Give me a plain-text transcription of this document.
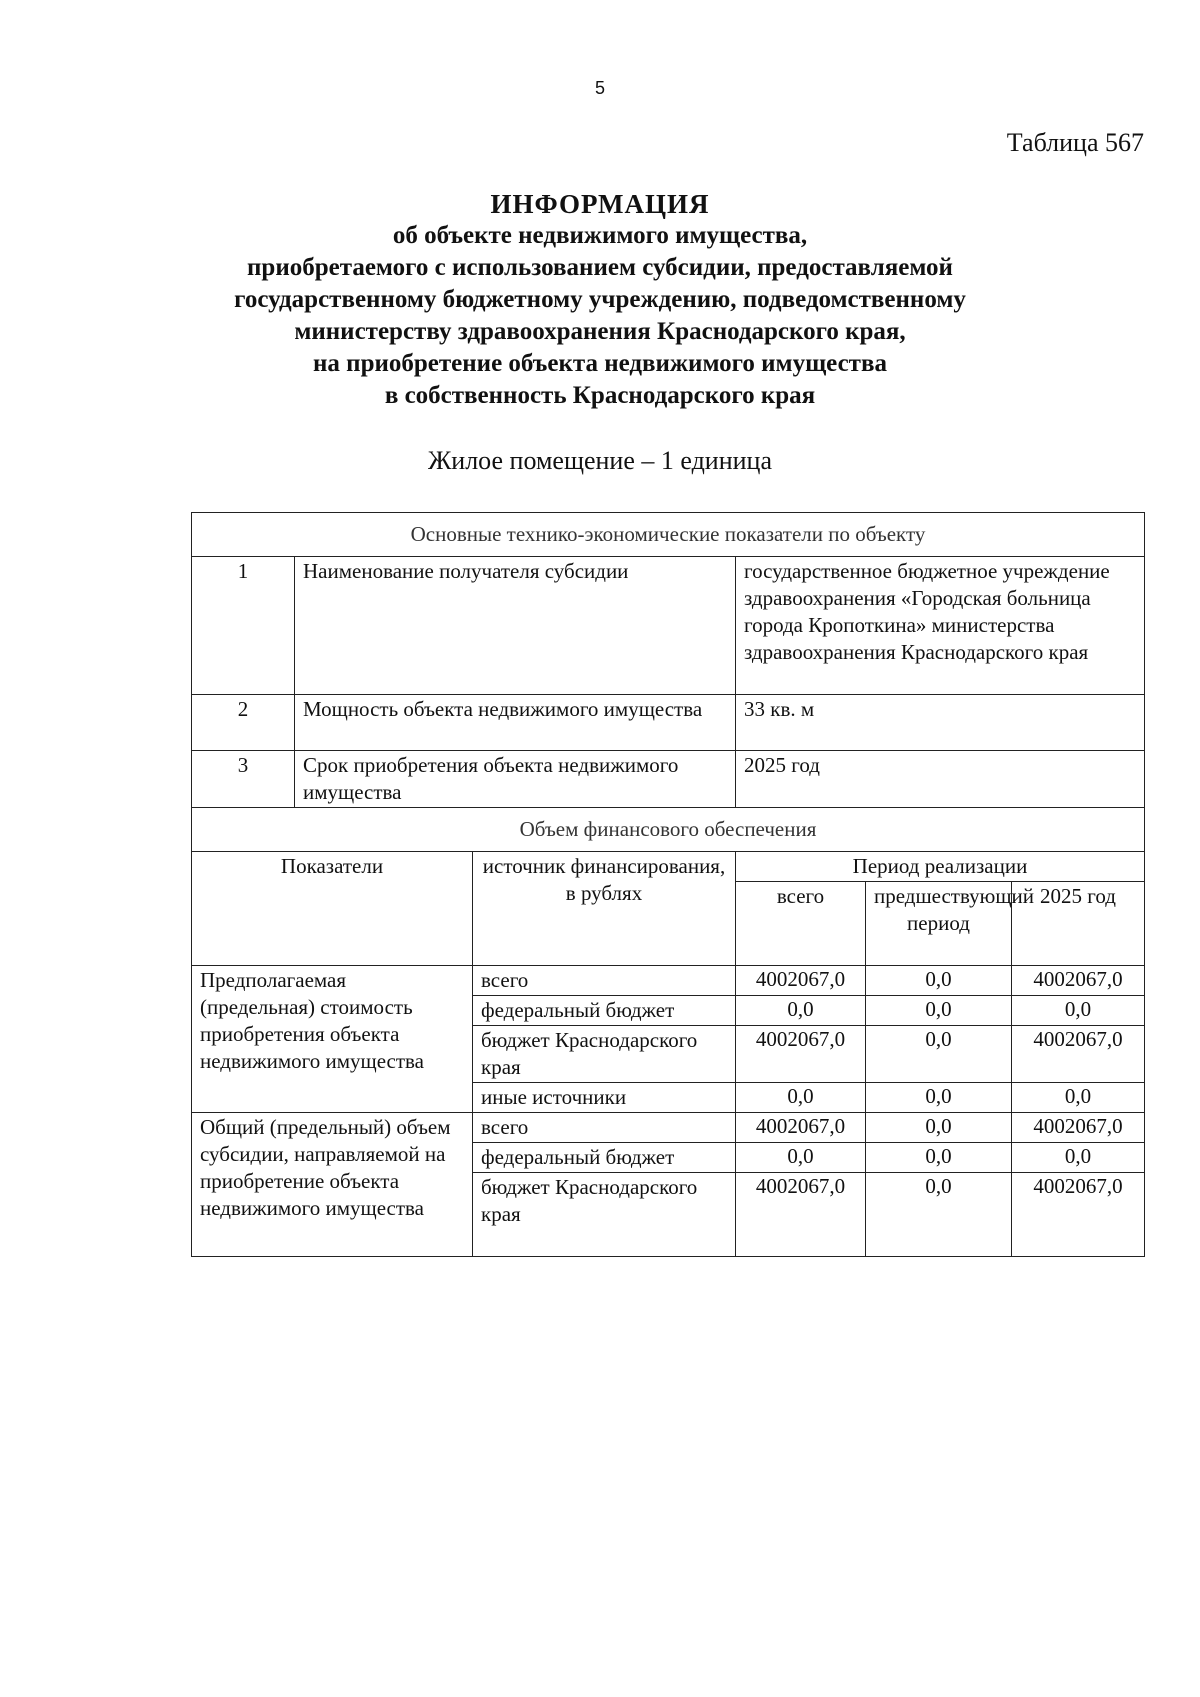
5
Таблица 567
ИНФОРМАЦИЯ
об объекте недвижимого имущества,
приобретаемого с использованием субсидии, предоставляемой
государственному бюджетному учреждению, подведомственному
министерству здравоохранения Краснодарского края,
на приобретение объекта недвижимого имущества
в собственность Краснодарского края
Жилое помещение – 1 единица
Основные технико-экономические показатели по объекту					
1	Наименование получателя субсидии		государственное бюджетное учреждение здравоохранения «Городская больница города Кропоткина» министерства здравоохранения Краснодарского края		
2	Мощность объекта недвижимого имущества		33 кв. м		
3	Срок приобретения объекта недвижимого имущества		2025 год		
Объем финансового обеспечения					
Показатели		источник финансирования, в рублях	Период реализации		
			всего	предшествующий период	2025 год
Предполагаемая (предельная) стоимость приобретения объекта недвижимого имущества		всего	4002067,0	0,0	4002067,0
		федеральный бюджет	0,0	0,0	0,0
		бюджет Краснодарского края	4002067,0	0,0	4002067,0
		иные источники	0,0	0,0	0,0
Общий (предельный) объем субсидии, направляемой на приобретение объекта недвижимого имущества		всего	4002067,0	0,0	4002067,0
		федеральный бюджет	0,0	0,0	0,0
		бюджет Краснодарского края	4002067,0	0,0	4002067,0
